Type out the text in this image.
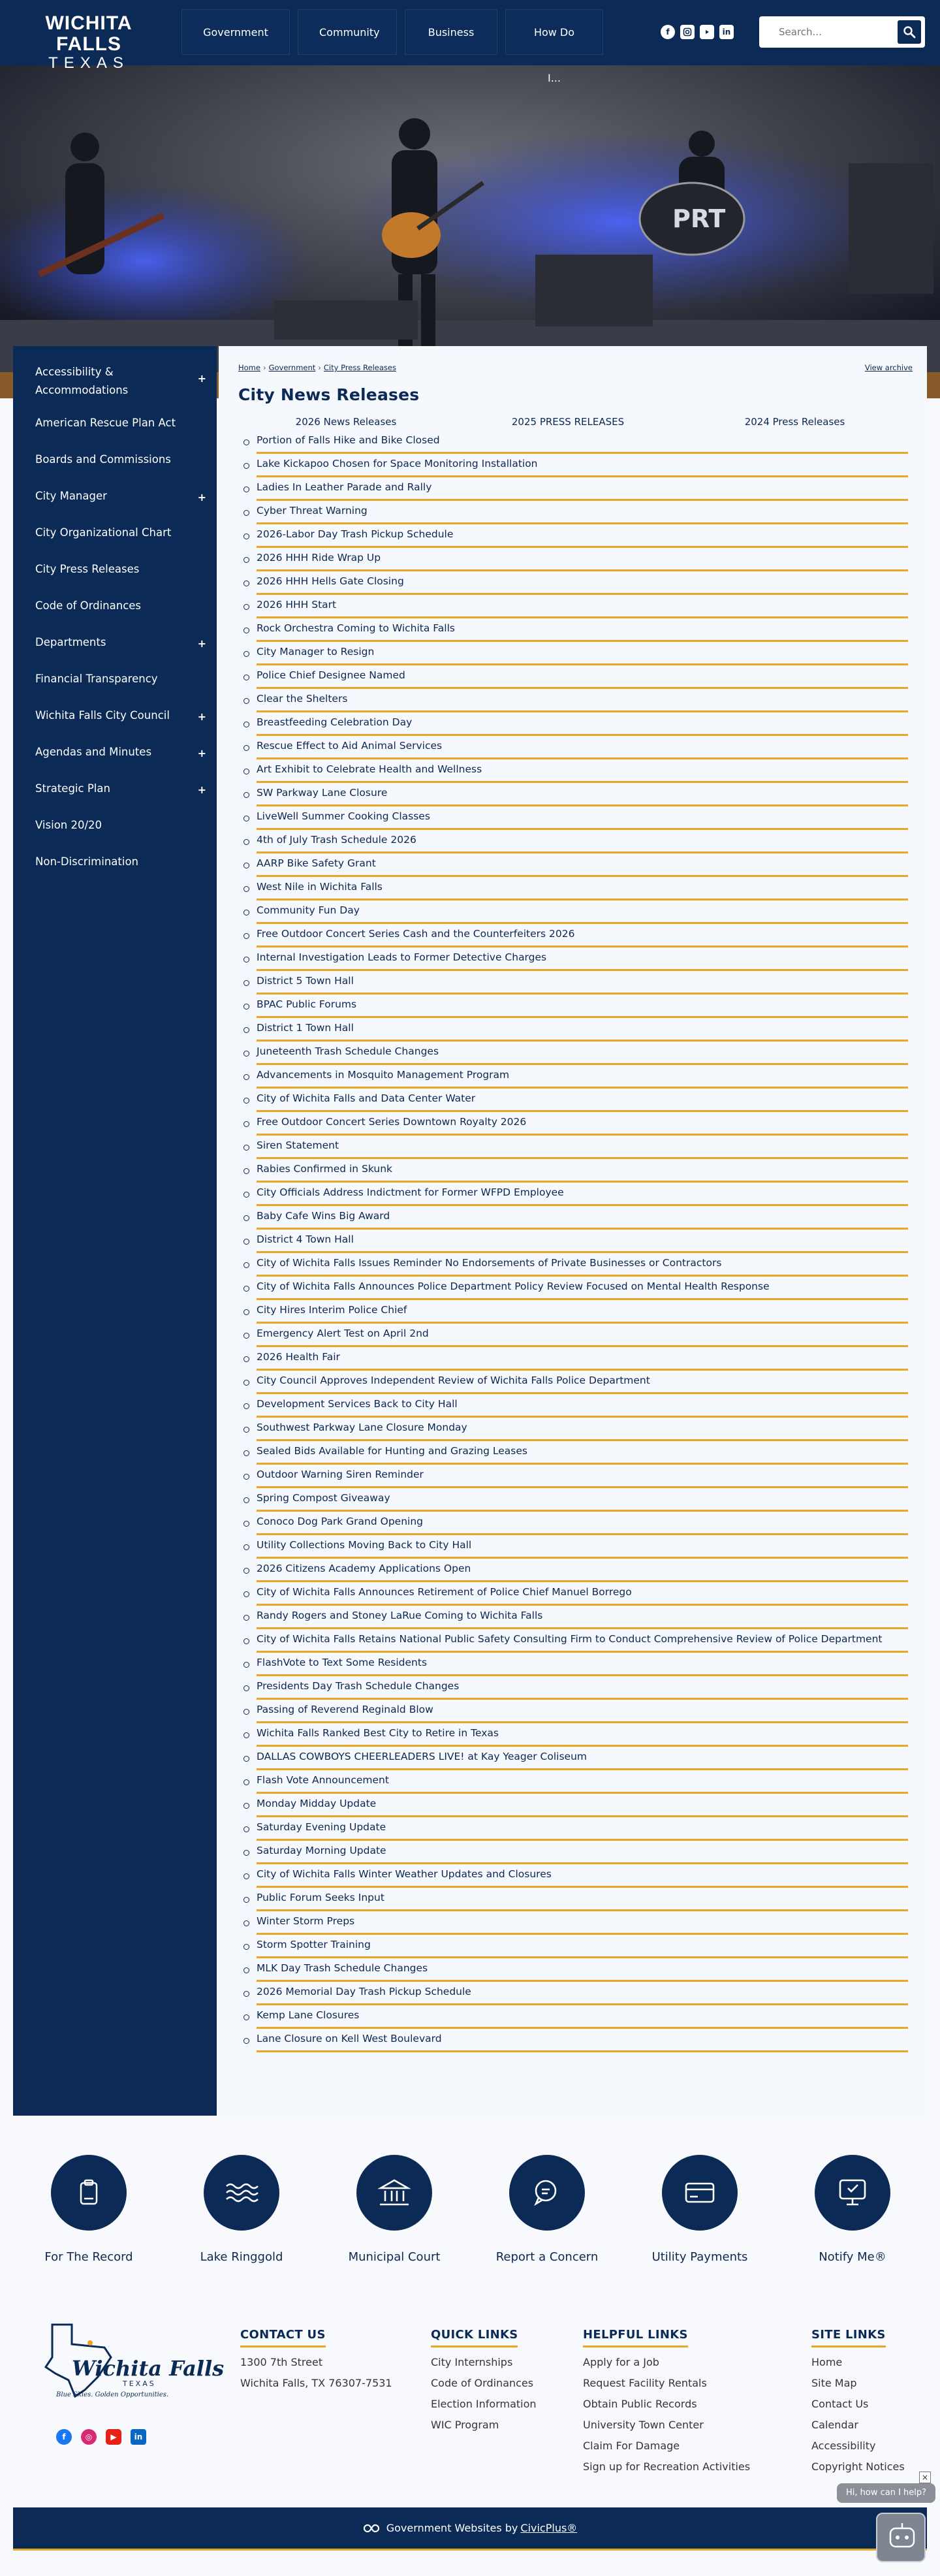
WICHITA FALLS
TEXAS
Government	Community	Business	How Do I...
f	in
Search...
PRT
Accessibility & Accommodations
+
American Rescue Plan Act
Boards and Commissions
City Manager	+
City Organizational Chart
City Press Releases
Code of Ordinances
Departments	+
Financial Transparency
Wichita Falls City Council	+
Agendas and Minutes	+
Strategic Plan	+
Vision 20/20
Non-Discrimination
Home › Government › City Press Releases	View archive
City News Releases
2026 News Releases	2025 PRESS RELEASES	2024 Press Releases
Portion of Falls Hike and Bike Closed
Lake Kickapoo Chosen for Space Monitoring Installation
Ladies In Leather Parade and Rally
Cyber Threat Warning
2026-Labor Day Trash Pickup Schedule
2026 HHH Ride Wrap Up
2026 HHH Hells Gate Closing
2026 HHH Start
Rock Orchestra Coming to Wichita Falls
City Manager to Resign
Police Chief Designee Named
Clear the Shelters
Breastfeeding Celebration Day
Rescue Effect to Aid Animal Services
Art Exhibit to Celebrate Health and Wellness
SW Parkway Lane Closure
LiveWell Summer Cooking Classes
4th of July Trash Schedule 2026
AARP Bike Safety Grant
West Nile in Wichita Falls
Community Fun Day
Free Outdoor Concert Series Cash and the Counterfeiters 2026
Internal Investigation Leads to Former Detective Charges
District 5 Town Hall
BPAC Public Forums
District 1 Town Hall
Juneteenth Trash Schedule Changes
Advancements in Mosquito Management Program
City of Wichita Falls and Data Center Water
Free Outdoor Concert Series Downtown Royalty 2026
Siren Statement
Rabies Confirmed in Skunk
City Officials Address Indictment for Former WFPD Employee
Baby Cafe Wins Big Award
District 4 Town Hall
City of Wichita Falls Issues Reminder No Endorsements of Private Businesses or Contractors
City of Wichita Falls Announces Police Department Policy Review Focused on Mental Health Response
City Hires Interim Police Chief
Emergency Alert Test on April 2nd
2026 Health Fair
City Council Approves Independent Review of Wichita Falls Police Department
Development Services Back to City Hall
Southwest Parkway Lane Closure Monday
Sealed Bids Available for Hunting and Grazing Leases
Outdoor Warning Siren Reminder
Spring Compost Giveaway
Conoco Dog Park Grand Opening
Utility Collections Moving Back to City Hall
2026 Citizens Academy Applications Open
City of Wichita Falls Announces Retirement of Police Chief Manuel Borrego
Randy Rogers and Stoney LaRue Coming to Wichita Falls
City of Wichita Falls Retains National Public Safety Consulting Firm to Conduct Comprehensive Review of Police Department
FlashVote to Text Some Residents
Presidents Day Trash Schedule Changes
Passing of Reverend Reginald Blow
Wichita Falls Ranked Best City to Retire in Texas
DALLAS COWBOYS CHEERLEADERS LIVE! at Kay Yeager Coliseum
Flash Vote Announcement
Monday Midday Update
Saturday Evening Update
Saturday Morning Update
City of Wichita Falls Winter Weather Updates and Closures
Public Forum Seeks Input
Winter Storm Preps
Storm Spotter Training
MLK Day Trash Schedule Changes
2026 Memorial Day Trash Pickup Schedule
Kemp Lane Closures
Lane Closure on Kell West Boulevard
For The Record	Lake Ringgold	Municipal Court	Report a Concern	Utility Payments	Notify Me®
Wichita Falls
TEXAS
Blue Skies. Golden Opportunities.
f	◎	▶	in
CONTACT US

1300 7th Street

Wichita Falls, TX 76307-7531

QUICK LINKS
City Internships
Code of Ordinances
Election Information
WIC Program
HELPFUL LINKS
Apply for a Job
Request Facility Rentals
Obtain Public Records
University Town Center
Claim For Damage
Sign up for Recreation Activities
SITE LINKS
Home
Site Map
Contact Us
Calendar
Accessibility
Copyright Notices
Government Websites by CivicPlus®
Hi, how can I help?
×
